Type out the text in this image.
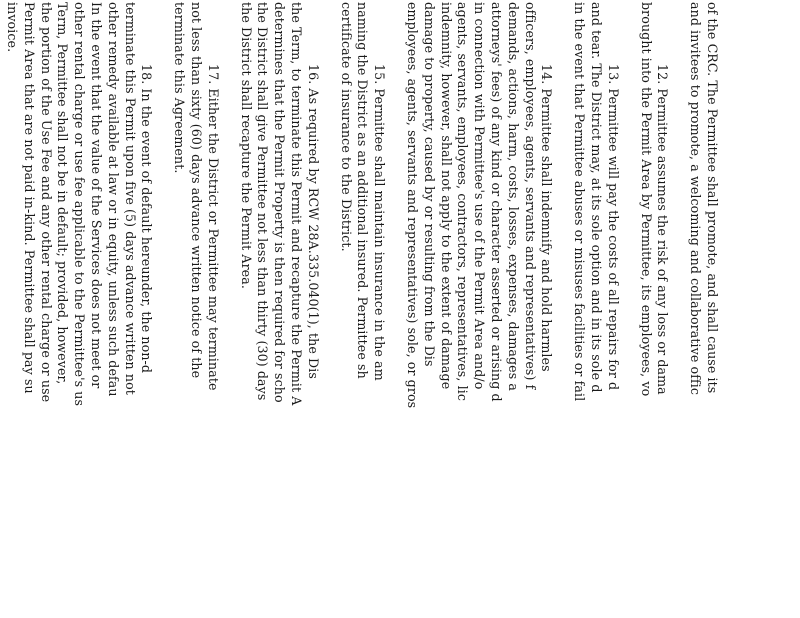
of the CRC. The Permittee shall promote, and shall cause its
and invitees to promote, a welcoming and collaborative offic
12. Permittee assumes the risk of any loss or dama
brought into the Permit Area by Permittee, its employees, vo
13. Permittee will pay the costs of all repairs for d
and tear. The District may, at its sole option and in its sole d
in the event that Permittee abuses or misuses facilities or fail
14. Permittee shall indemnify and hold harmles
officers, employees, agents, servants and representatives) f
demands, actions, harm, costs, losses, expenses, damages a
attorneys' fees) of any kind or character asserted or arising d
in connection with Permittee's use of the Permit Area and/o
agents, servants, employees, contractors, representatives, lic
indemnity, however, shall not apply to the extent of damage
damage to property, caused by or resulting from the Dis
employees, agents, servants and representatives) sole, or gros
15. Permittee shall maintain insurance in the am
naming the District as an additional insured. Permittee sh
certificate of insurance to the District.
16. As required by RCW 28A.335.040(1), the Dis
the Term, to terminate this Permit and recapture the Permit A
determines that the Permit Property is then required for scho
the District shall give Permittee not less than thirty (30) days
the District shall recapture the Permit Area.
17. Either the District or Permittee may terminate
not less than sixty (60) days advance written notice of the
terminate this Agreement.
18. In the event of default hereunder, the non-d
terminate this Permit upon five (5) days advance written not
other remedy available at law or in equity, unless such defau
In the event that the value of the Services does not meet or
other rental charge or use fee applicable to the Permittee's us
Term, Permittee shall not be in default; provided, however,
the portion of the Use Fee and any other rental charge or use
Permit Area that are not paid in-kind. Permittee shall pay su
invoice.
